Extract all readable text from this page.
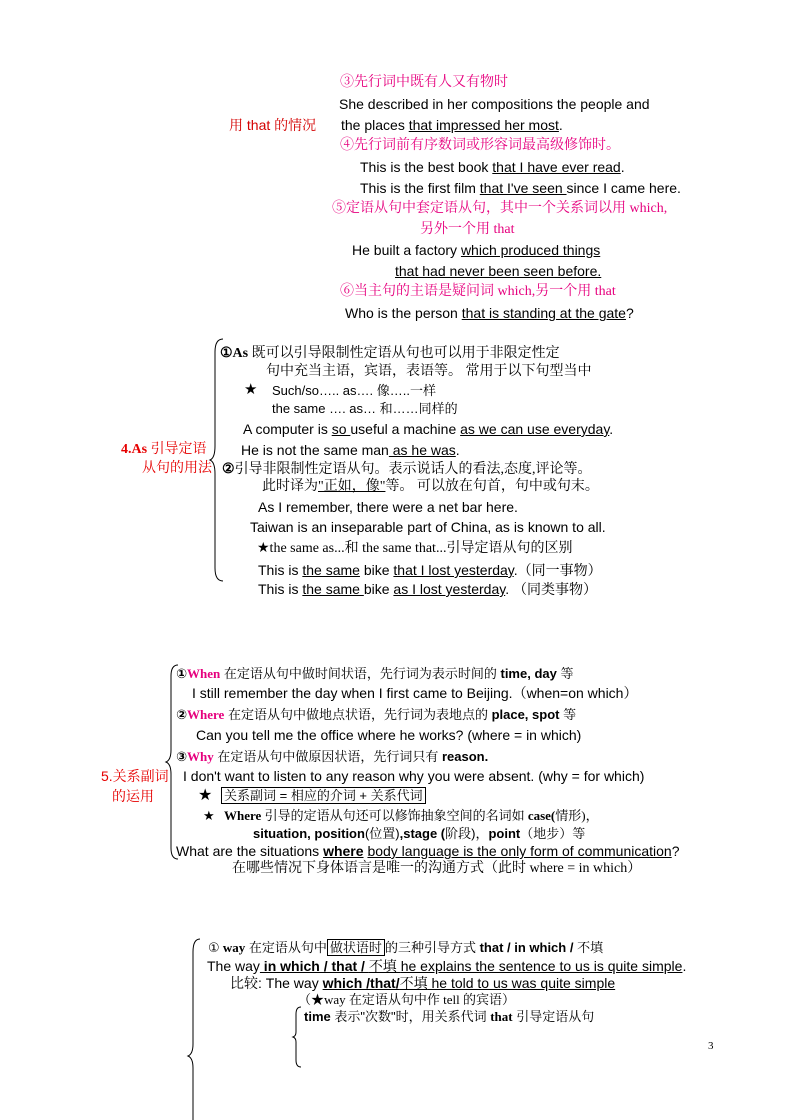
③先行词中既有人又有物时
She described in her compositions the people and
用 that 的情况 the places that impressed her most.
④先行词前有序数词或形容词最高级修饰时。
This is the best book that I have ever read.
This is the first film that I've seen since I came here.
⑤定语从句中套定语从句，其中一个关系词以用 which,
另外一个用 that
He built a factory which produced things
that had never been seen before.
⑥当主句的主语是疑问词 which,另一个用 that
Who is the person that is standing at the gate?
4.As 引导定语
从句的用法
①As 既可以引导限制性定语从句也可以用于非限定性定
句中充当主语，宾语，表语等。 常用于以下句型当中
★ Such/so….. as…. 像…..一样
the same …. as… 和……同样的
A computer is so useful a machine as we can use everyday.
He is not the same man as he was.
②引导非限制性定语从句。表示说话人的看法,态度,评论等。
此时译为"正如，像"等。 可以放在句首，句中或句末。
As I remember, there were a net bar here.
Taiwan is an inseparable part of China, as is known to all.
★the same as...和 the same that...引导定语从句的区别
This is the same bike that I lost yesterday.（同一事物）
This is the same bike as I lost yesterday. （同类事物）
5.关系副词
的运用
①When 在定语从句中做时间状语，先行词为表示时间的 time, day 等
I still remember the day when I first came to Beijing.（when=on which）
②Where 在定语从句中做地点状语，先行词为表地点的 place, spot 等
Can you tell me the office where he works? (where = in which)
③Why 在定语从句中做原因状语，先行词只有 reason.
I don't want to listen to any reason why you were absent. (why = for which)
★ 关系副词 = 相应的介词 + 关系代词
★ Where 引导的定语从句还可以修饰抽象空间的名词如 case(情形)，
situation, position(位置),stage (阶段)，point（地步）等
What are the situations where body language is the only form of communication?
在哪些情况下身体语言是唯一的沟通方式（此时 where = in which）
① way 在定语从句中 做状语时 的三种引导方式 that / in which / 不填
The way in which / that / 不填 he explains the sentence to us is quite simple.
比较: The way which /that/不填 he told to us was quite simple
（★way 在定语从句中作 tell 的宾语）
time 表示"次数"时，用关系代词 that 引导定语从句
3
